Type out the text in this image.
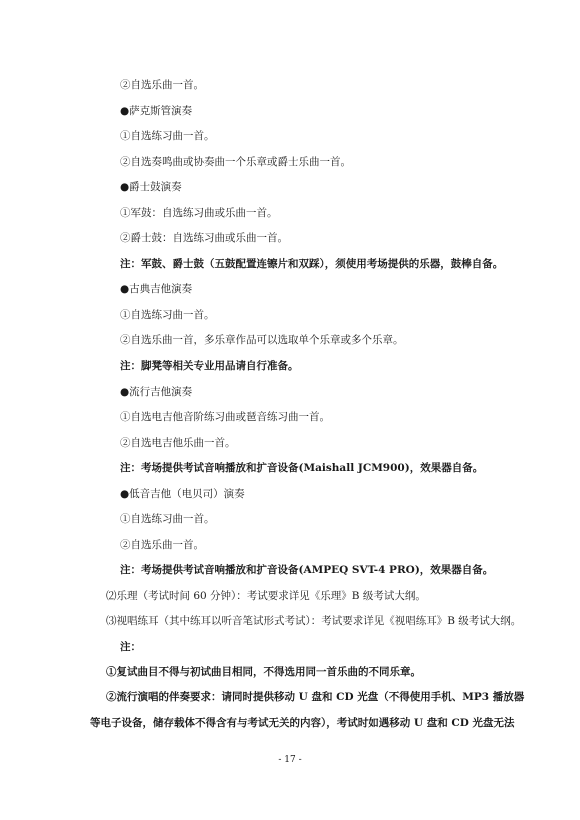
②自选乐曲一首。
●萨克斯管演奏
①自选练习曲一首。
②自选奏鸣曲或协奏曲一个乐章或爵士乐曲一首。
●爵士鼓演奏
①军鼓：自选练习曲或乐曲一首。
②爵士鼓：自选练习曲或乐曲一首。
注：军鼓、爵士鼓（五鼓配置连镲片和双踩），须使用考场提供的乐器，鼓棒自备。
●古典吉他演奏
①自选练习曲一首。
②自选乐曲一首，多乐章作品可以选取单个乐章或多个乐章。
注：脚凳等相关专业用品请自行准备。
●流行吉他演奏
①自选电吉他音阶练习曲或琶音练习曲一首。
②自选电吉他乐曲一首。
注：考场提供考试音响播放和扩音设备(Maishall JCM900)，效果器自备。
●低音吉他（电贝司）演奏
①自选练习曲一首。
②自选乐曲一首。
注：考场提供考试音响播放和扩音设备(AMPEQ SVT-4 PRO)，效果器自备。
⑵乐理（考试时间 60 分钟）：考试要求详见《乐理》B 级考试大纲。
⑶视唱练耳（其中练耳以听音笔试形式考试）：考试要求详见《视唱练耳》B 级考试大纲。
注：
①复试曲目不得与初试曲目相同，不得选用同一首乐曲的不同乐章。
②流行演唱的伴奏要求：请同时提供移动 U 盘和 CD 光盘（不得使用手机、MP3 播放器
等电子设备，储存载体不得含有与考试无关的内容），考试时如遇移动 U 盘和 CD 光盘无法
- 17 -
